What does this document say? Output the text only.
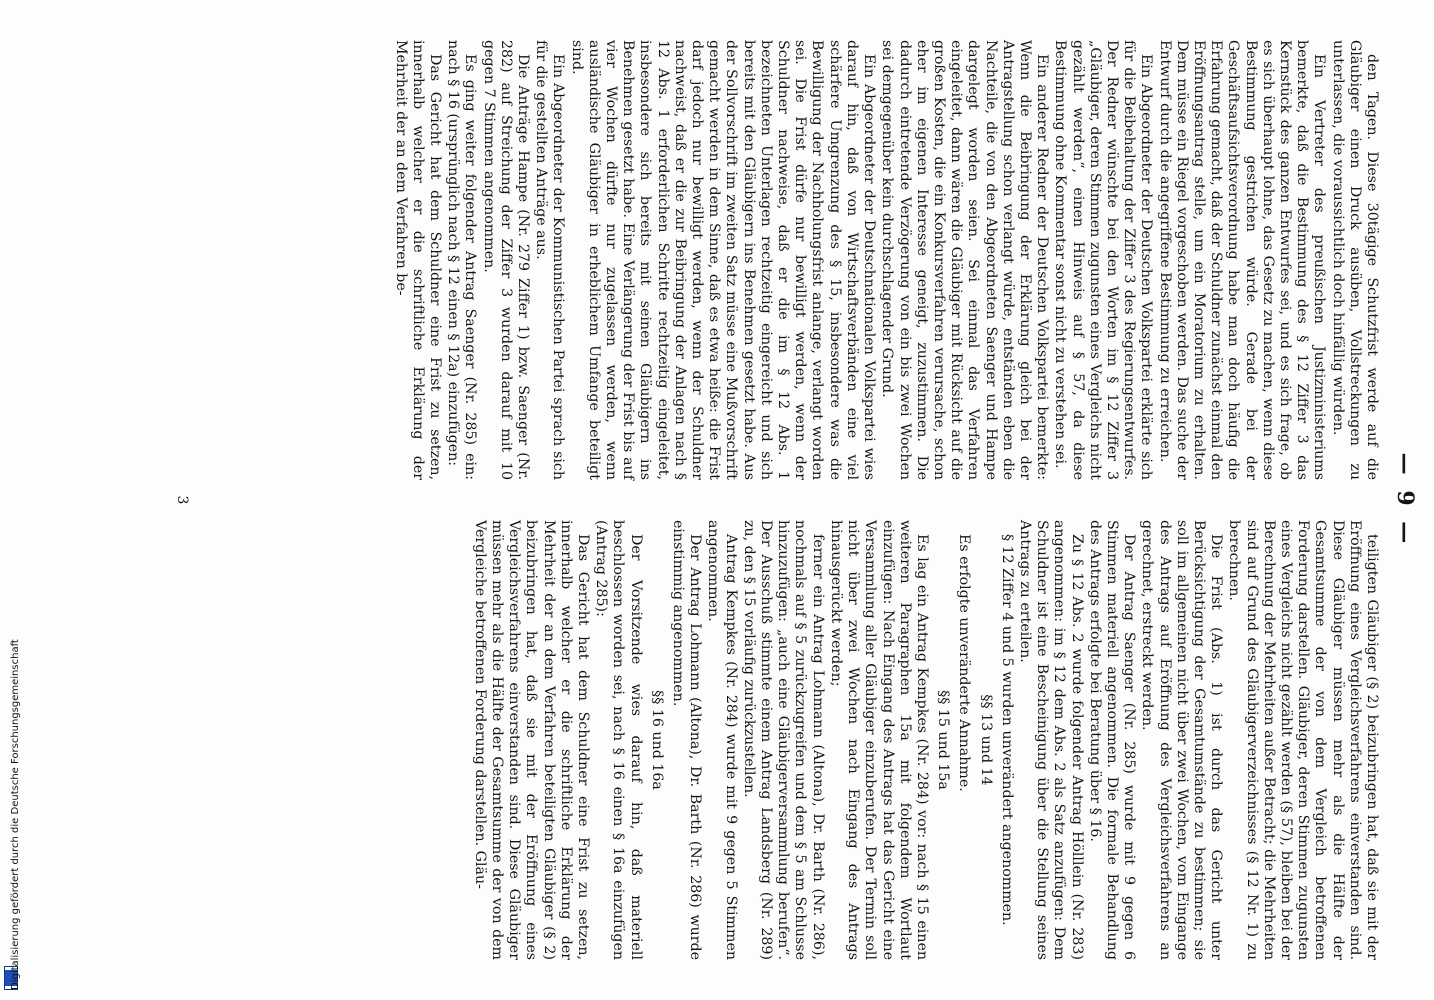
Digitalisierung gefördert durch die Deutsche Forschungsgemeinschaft
— 9 —

den Tagen. Diese 30tägige Schutzfrist werde auf die Gläubiger einen Druck ausüben, Vollstreckungen zu unterlassen, die voraussichtlich doch hinfällig würden.

Ein Vertreter des preußischen Justizministeriums bemerkte, daß die Bestimmung des § 12 Ziffer 3 das Kernstück des ganzen Entwurfes sei, und es sich frage, ob es sich überhaupt lohne, das Gesetz zu machen, wenn diese Bestimmung gestrichen würde. Gerade bei der Geschäftsaufsichtsverordnung habe man doch häufig die Erfahrung gemacht, daß der Schuldner zunächst einmal den Eröffnungsantrag stelle, um ein Moratorium zu erhalten. Dem müsse ein Riegel vorgeschoben werden. Das suche der Entwurf durch die angegriffene Bestimmung zu erreichen.

Ein Abgeordneter der Deutschen Volkspartei erklärte sich für die Beibehaltung der Ziffer 3 des Regierungsentwurfes. Der Redner wünschte bei den Worten im § 12 Ziffer 3 „Gläubiger, deren Stimmen zugunsten eines Vergleichs nicht gezählt werden“, einen Hinweis auf § 57, da diese Bestimmung ohne Kommentar sonst nicht zu verstehen sei.

Ein anderer Redner der Deutschen Volkspartei bemerkte: Wenn die Beibringung der Erklärung gleich bei der Antragstellung schon verlangt würde, entständen eben die Nachteile, die von den Abgeordneten Saenger und Hampe dargelegt worden seien. Sei einmal das Verfahren eingeleitet, dann wären die Gläubiger mit Rücksicht auf die großen Kosten, die ein Konkursverfahren verursache, schon eher im eigenen Interesse geneigt, zuzustimmen. Die dadurch eintretende Verzögerung von ein bis zwei Wochen sei demgegenüber kein durchschlagender Grund.

Ein Abgeordneter der Deutschnationalen Volkspartei wies darauf hin, daß von Wirtschaftsverbänden eine viel schärfere Umgrenzung des § 15, insbesondere was die Bewilligung der Nachholungsfrist anlange, verlangt worden sei. Die Frist dürfe nur bewilligt werden, wenn der Schuldner nachweise, daß er die im § 12 Abs. 1 bezeichneten Unterlagen rechtzeitig eingereicht und sich bereits mit den Gläubigern ins Benehmen gesetzt habe. Aus der Sollvorschrift im zweiten Satz müsse eine Mußvorschrift gemacht werden in dem Sinne, daß es etwa heiße: die Frist darf jedoch nur bewilligt werden, wenn der Schuldner nachweist, daß er die zur Beibringung der Anlagen nach § 12 Abs. 1 erforderlichen Schritte rechtzeitig eingeleitet, insbesondere sich bereits mit seinen Gläubigern ins Benehmen gesetzt habe. Eine Verlängerung der Frist bis auf vier Wochen dürfte nur zugelassen werden, wenn ausländische Gläubiger in erheblichem Umfange beteiligt sind.

Ein Abgeordneter der Kommunistischen Partei sprach sich für die gestellten Anträge aus.

Die Anträge Hampe (Nr. 279 Ziffer 1) bzw. Saenger (Nr. 282) auf Streichung der Ziffer 3 wurden darauf mit 10 gegen 7 Stimmen angenommen.

Es ging weiter folgender Antrag Saenger (Nr. 285) ein: nach § 16 (ursprünglich nach § 12 einen § 12a) einzufügen:

Das Gericht hat dem Schuldner eine Frist zu setzen, innerhalb welcher er die schriftliche Erklärung der Mehrheit der an dem Verfahren be-

teiligten Gläubiger (§ 2) beizubringen hat, daß sie mit der Eröffnung eines Vergleichsverfahrens einverstanden sind. Diese Gläubiger müssen mehr als die Hälfte der Gesamtsumme der von dem Vergleich betroffenen Forderung darstellen. Gläubiger, deren Stimmen zugunsten eines Vergleichs nicht gezählt werden (§ 57), bleiben bei der Berechnung der Mehrheiten außer Betracht; die Mehrheiten sind auf Grund des Gläubigerverzeichnisses (§ 12 Nr. 1) zu berechnen.

Die Frist (Abs. 1) ist durch das Gericht unter Berücksichtigung der Gesamtumstände zu bestimmen; sie soll im allgemeinen nicht über zwei Wochen, vom Eingange des Antrags auf Eröffnung des Vergleichsverfahrens an gerechnet, erstreckt werden.

Der Antrag Saenger (Nr. 285) wurde mit 9 gegen 6 Stimmen materiell angenommen. Die formale Behandlung des Antrags erfolgte bei Beratung über § 16.

Zu § 12 Abs. 2 wurde folgender Antrag Hölllein (Nr. 283) angenommen: im § 12 dem Abs. 2 als Satz anzufügen: Dem Schuldner ist eine Bescheinigung über die Stellung seines Antrags zu erteilen.

§ 12 Ziffer 4 und 5 wurden unverändert angenommen.

§§ 13 und 14

Es erfolgte unveränderte Annahme.

§§ 15 und 15a

Es lag ein Antrag Kempkes (Nr. 284) vor: nach § 15 einen weiteren Paragraphen 15a mit folgendem Wortlaut einzufügen: Nach Eingang des Antrags hat das Gericht eine Versammlung aller Gläubiger einzuberufen. Der Termin soll nicht über zwei Wochen nach Eingang des Antrags hinausgerückt werden;

ferner ein Antrag Lohmann (Altona), Dr. Barth (Nr. 286), nochmals auf § 5 zurückzugreifen und dem § 5 am Schlusse hinzuzufügen: „auch eine Gläubigerversammlung berufen“. Der Ausschuß stimmte einem Antrag Landsberg (Nr. 289) zu, den § 15 vorläufig zurückzustellen.

Antrag Kempkes (Nr. 284) wurde mit 9 gegen 5 Stimmen angenommen.

Der Antrag Lohmann (Altona), Dr. Barth (Nr. 286) wurde einstimmig angenommen.

§§ 16 und 16a

Der Vorsitzende wies darauf hin, daß materiell beschlossen worden sei, nach § 16 einen § 16a einzufügen (Antrag 285):

Das Gericht hat dem Schuldner eine Frist zu setzen, innerhalb welcher er die schriftliche Erklärung der Mehrheit der an dem Verfahren beteiligten Gläubiger (§ 2) beizubringen hat, daß sie mit der Eröffnung eines Vergleichsverfahrens einverstanden sind. Diese Gläubiger müssen mehr als die Hälfte der Gesamtsumme der von dem Vergleiche betroffenen Forderung darstellen. Gläu-

3
